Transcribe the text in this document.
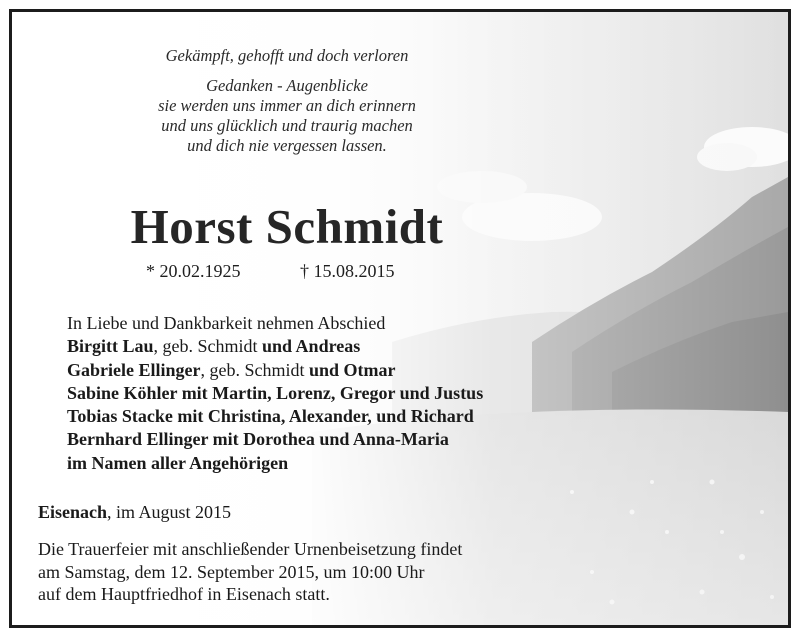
Gekämpft, gehofft und doch verloren
Gedanken - Augenblicke
sie werden uns immer an dich erinnern
und uns glücklich und traurig machen
und dich nie vergessen lassen.
Horst Schmidt
* 20.02.1925	† 15.08.2015
In Liebe und Dankbarkeit nehmen Abschied
Birgitt Lau, geb. Schmidt und Andreas
Gabriele Ellinger, geb. Schmidt und Otmar
Sabine Köhler mit Martin, Lorenz, Gregor und Justus
Tobias Stacke mit Christina, Alexander, und Richard
Bernhard Ellinger mit Dorothea und Anna-Maria
im Namen aller Angehörigen
Eisenach, im August 2015
Die Trauerfeier mit anschließender Urnenbeisetzung findet
am Samstag, dem 12. September 2015, um 10:00 Uhr
auf dem Hauptfriedhof in Eisenach statt.
